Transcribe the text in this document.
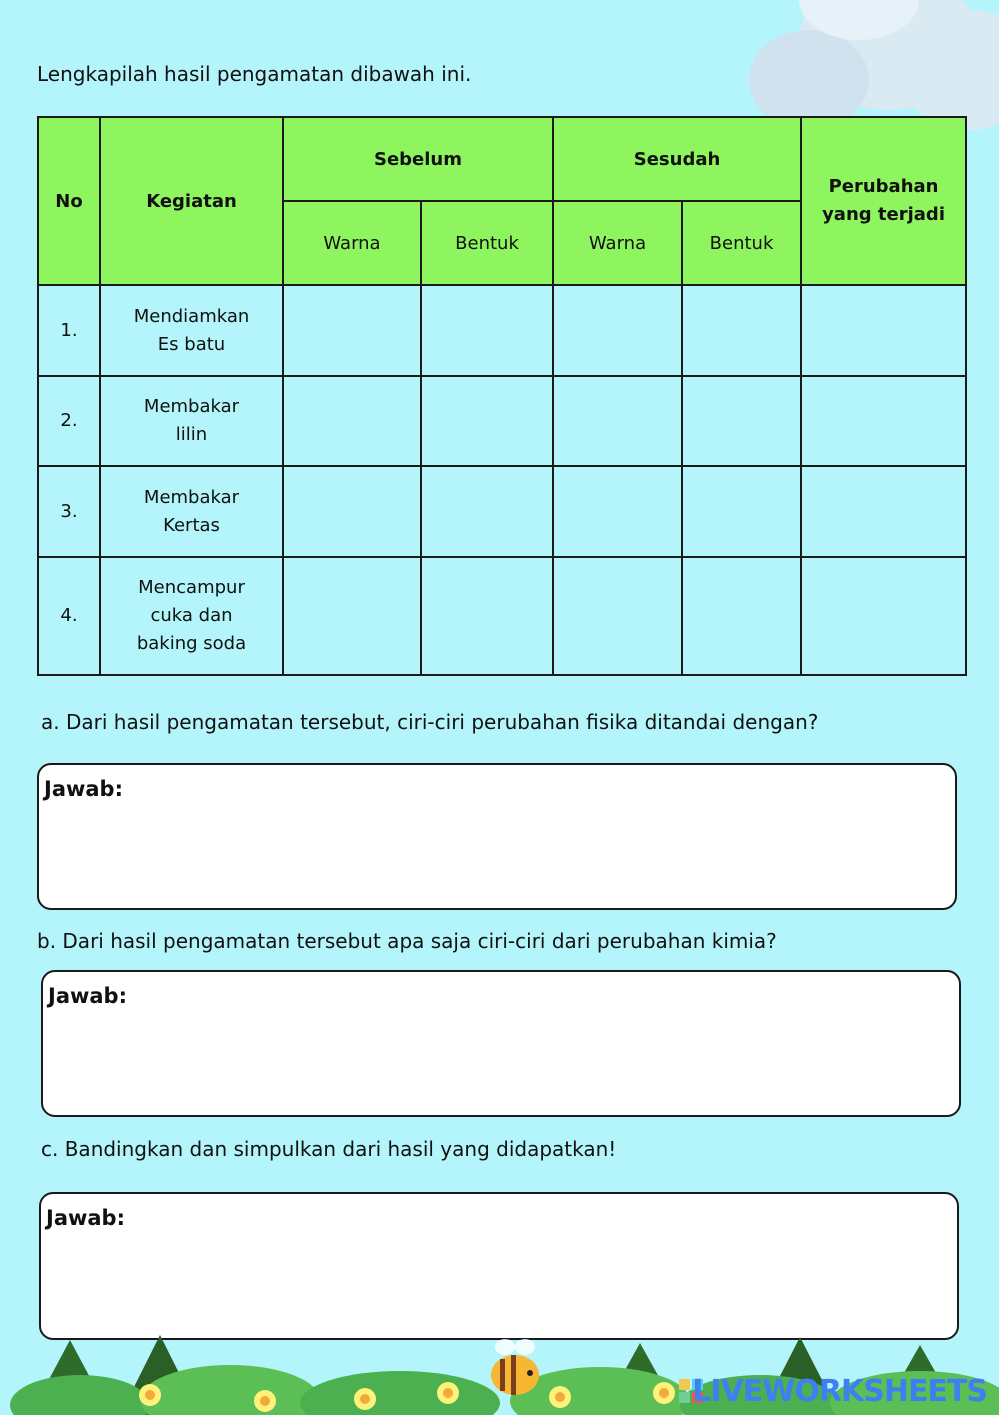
Lengkapilah hasil pengamatan dibawah ini.
No	Kegiatan	Sebelum		Sesudah		Perubahan yang terjadi
		Warna	Bentuk	Warna	Bentuk	
1.	Mendiamkan
Es batu					

2.	Membakar
lilin					

3.	Membakar
Kertas					

4.	Mencampur
cuka dan
baking soda					

a. Dari hasil pengamatan tersebut, ciri-ciri perubahan fisika ditandai dengan?

Jawab:

b. Dari hasil pengamatan tersebut apa saja ciri-ciri dari perubahan kimia?

Jawab:

c. Bandingkan dan simpulkan dari hasil yang didapatkan!

Jawab:
LIVEWORKSHEETS
